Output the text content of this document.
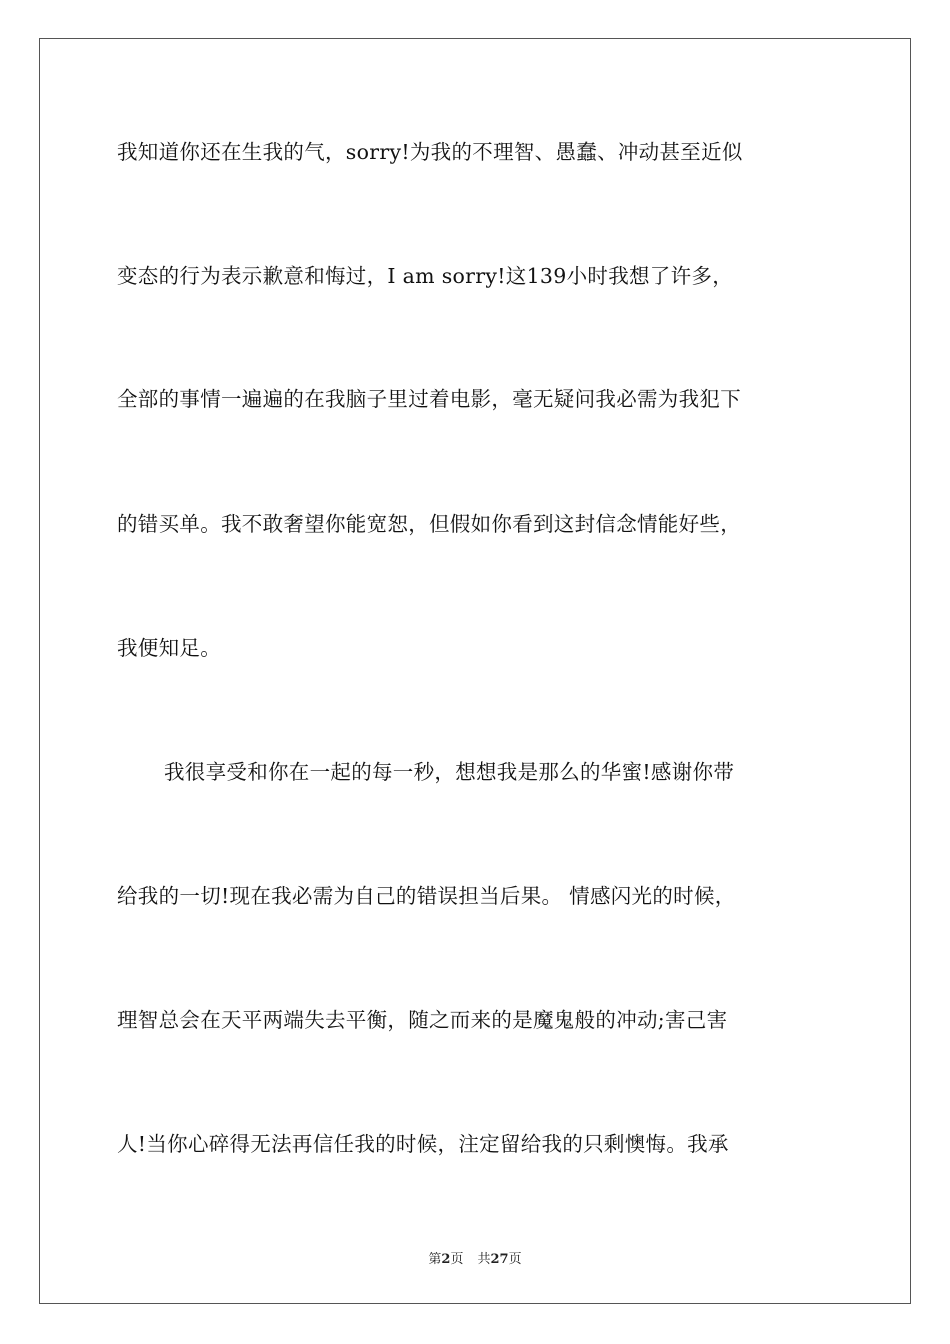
我知道你还在生我的气，sorry!为我的不理智、愚蠢、冲动甚至近似
变态的行为表示歉意和悔过，I am sorry!这139小时我想了许多，
全部的事情一遍遍的在我脑子里过着电影，毫无疑问我必需为我犯下
的错买单。我不敢奢望你能宽恕，但假如你看到这封信念情能好些，
我便知足。
我很享受和你在一起的每一秒，想想我是那么的华蜜!感谢你带
给我的一切!现在我必需为自己的错误担当后果。 情感闪光的时候，
理智总会在天平两端失去平衡，随之而来的是魔鬼般的冲动;害己害
人!当你心碎得无法再信任我的时候，注定留给我的只剩懊悔。我承
第2页 共27页
